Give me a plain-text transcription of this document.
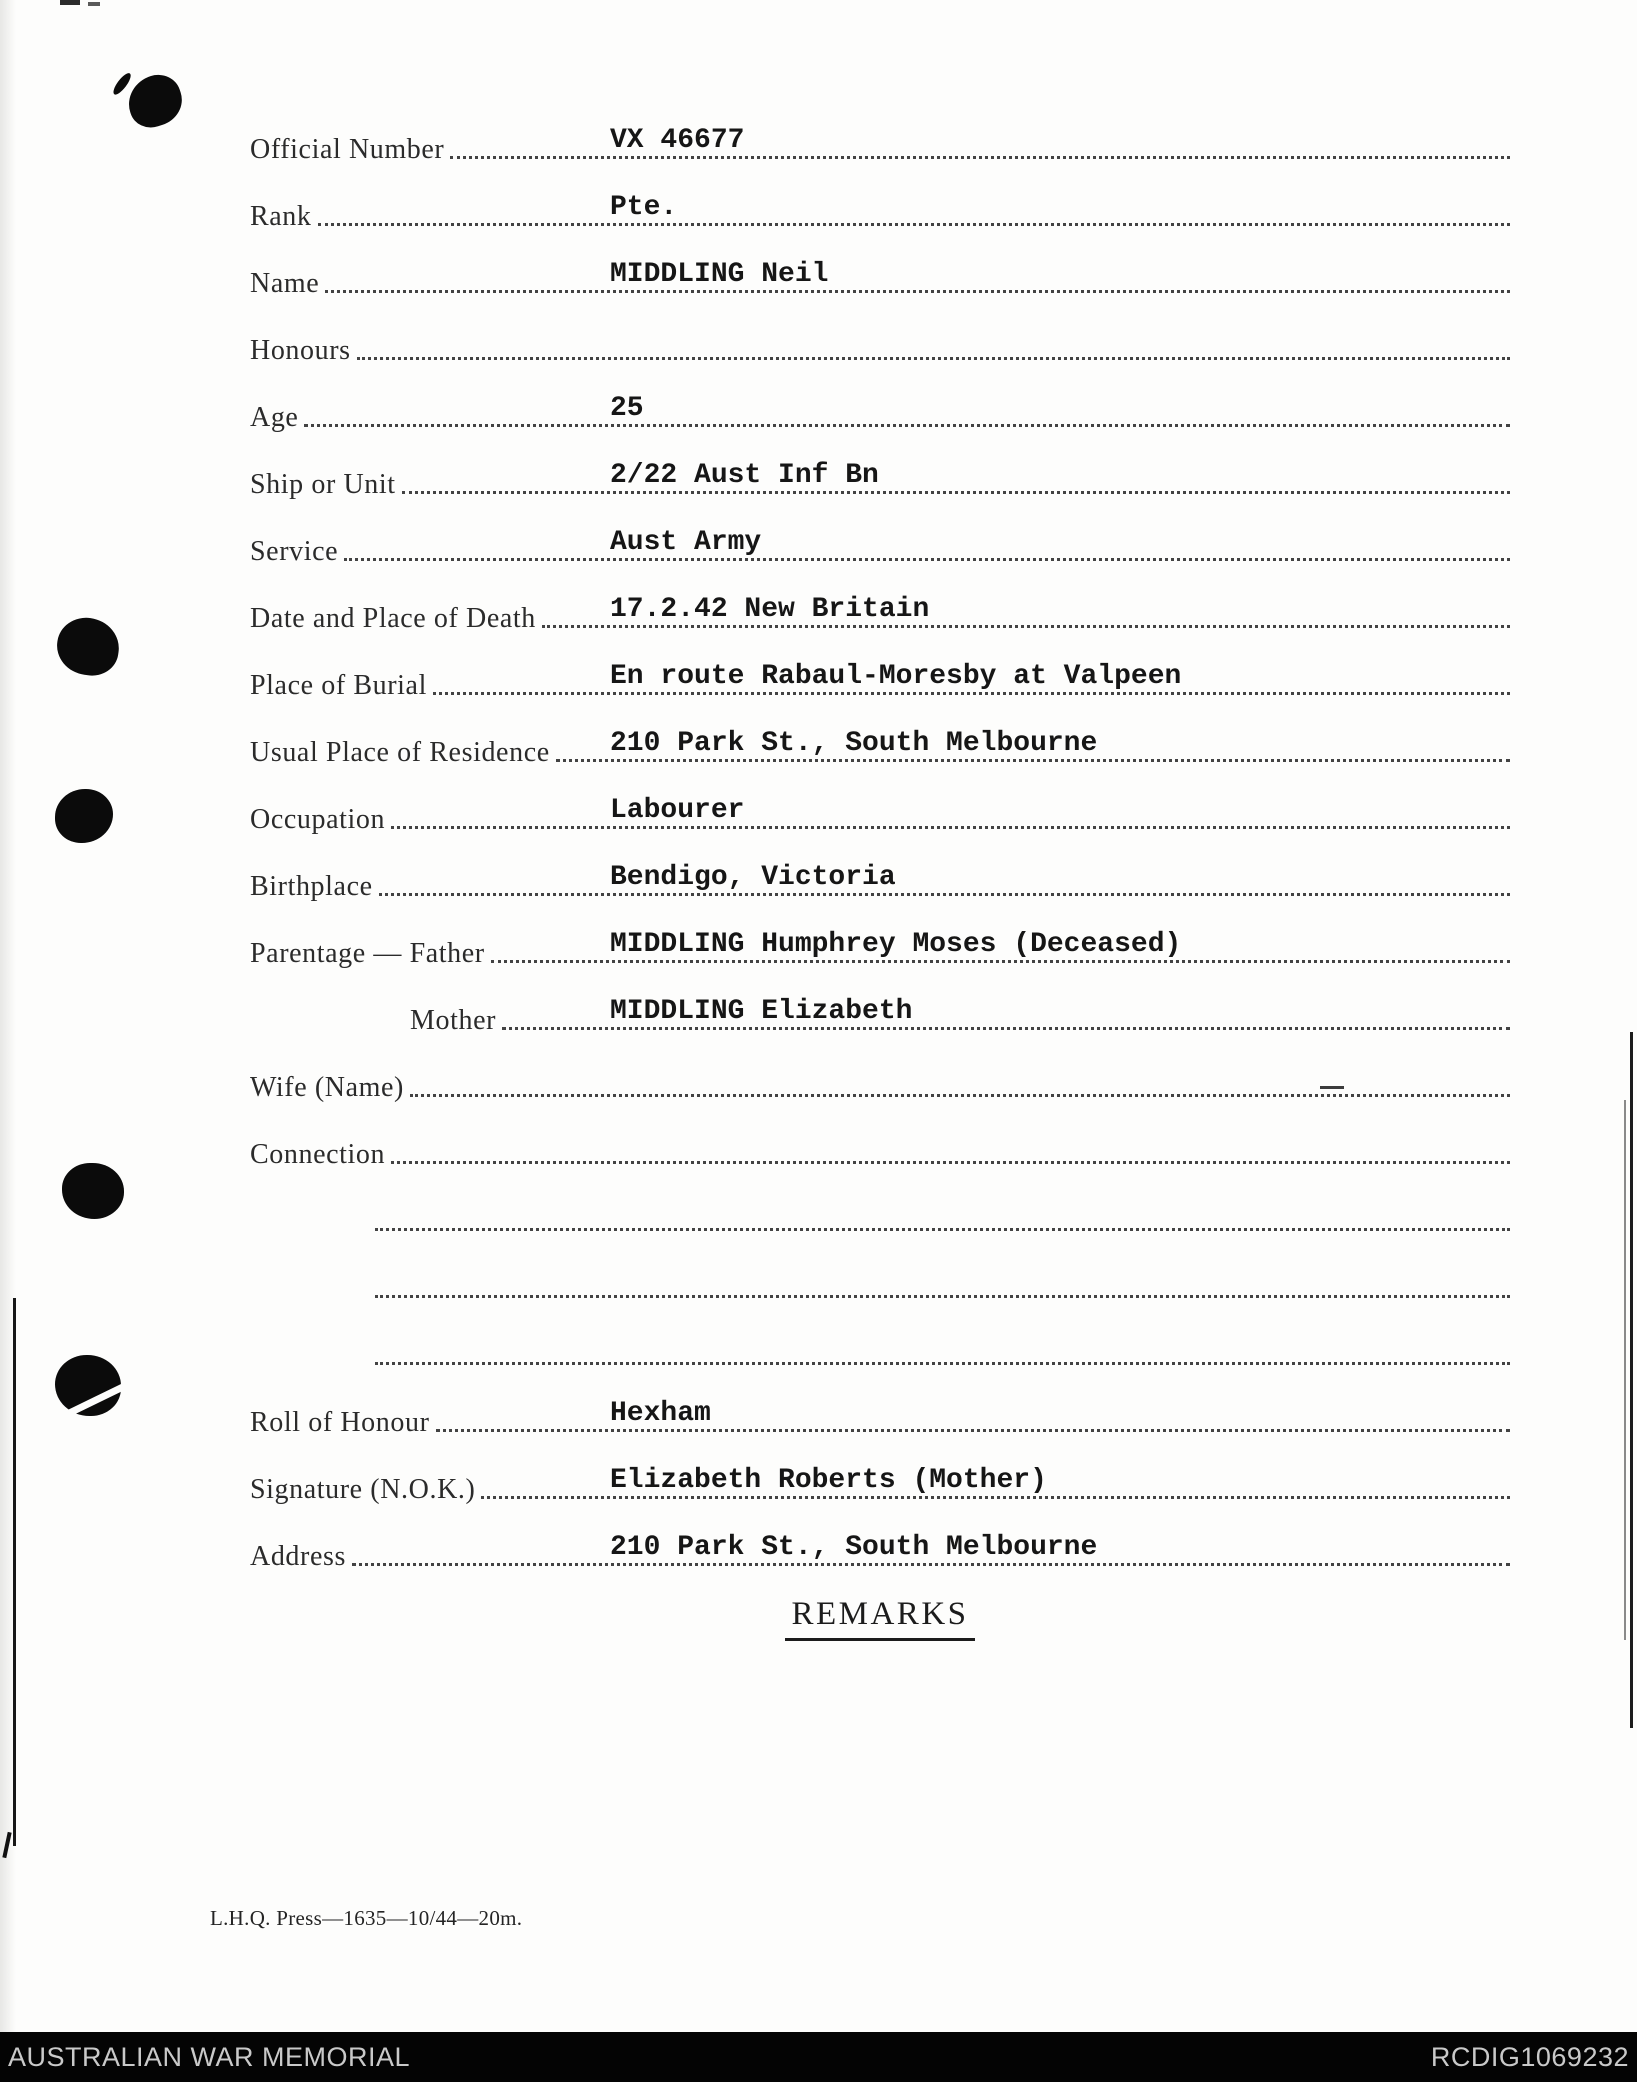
Official Number	VX 46677
Rank	Pte.
Name	MIDDLING Neil
Honours
Age	25
Ship or Unit	2/22 Aust Inf Bn
Service	Aust Army
Date and Place of Death	17.2.42 New Britain
Place of Burial	En route Rabaul-Moresby at Valpeen
Usual Place of Residence 210 Park St., South Melbourne
Occupation	Labourer
Birthplace	Bendigo, Victoria
Parentage — Father	MIDDLING Humphrey Moses (Deceased)
Mother	MIDDLING Elizabeth
Wife (Name)
Connection
Roll of Honour	Hexham
Signature (N.O.K.)	Elizabeth Roberts (Mother)
Address	210 Park St., South Melbourne
REMARKS
L.H.Q. Press—1635—10/44—20m.
AUSTRALIAN WAR MEMORIAL	RCDIG1069232
